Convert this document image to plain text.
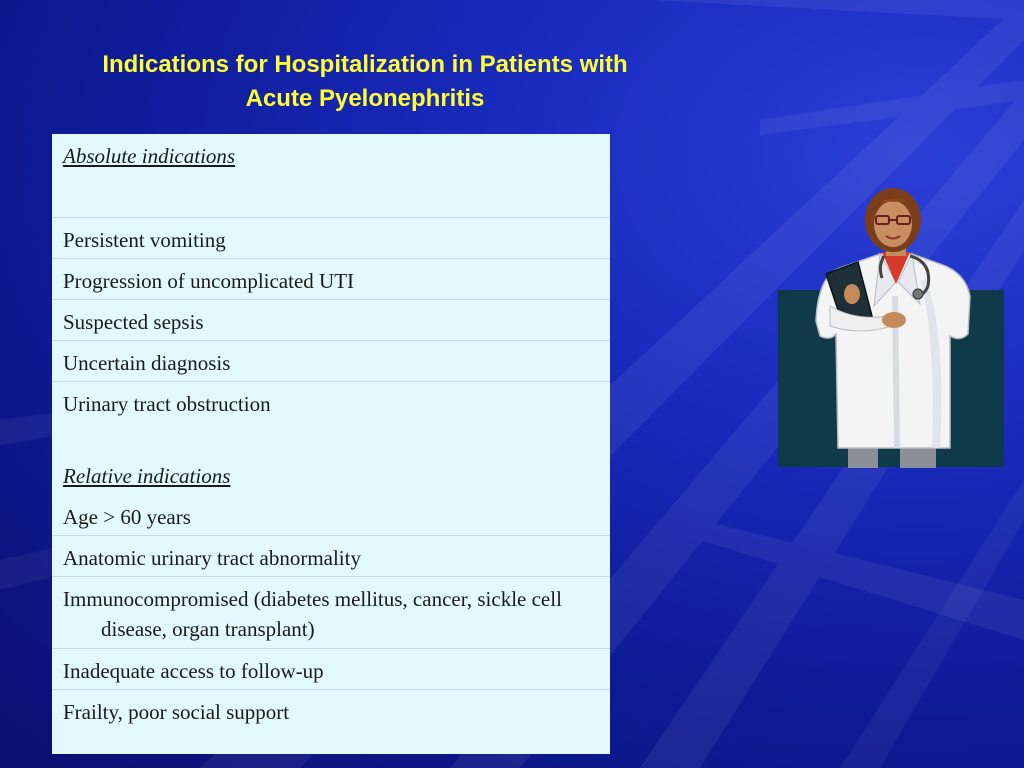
Indications for Hospitalization in Patients with
Acute Pyelonephritis
Absolute indications
Persistent vomiting
Progression of uncomplicated UTI
Suspected sepsis
Uncertain diagnosis
Urinary tract obstruction
Relative indications
Age > 60 years
Anatomic urinary tract abnormality
Immunocompromised (diabetes mellitus, cancer, sickle cell disease, organ transplant)
Inadequate access to follow-up
Frailty, poor social support
